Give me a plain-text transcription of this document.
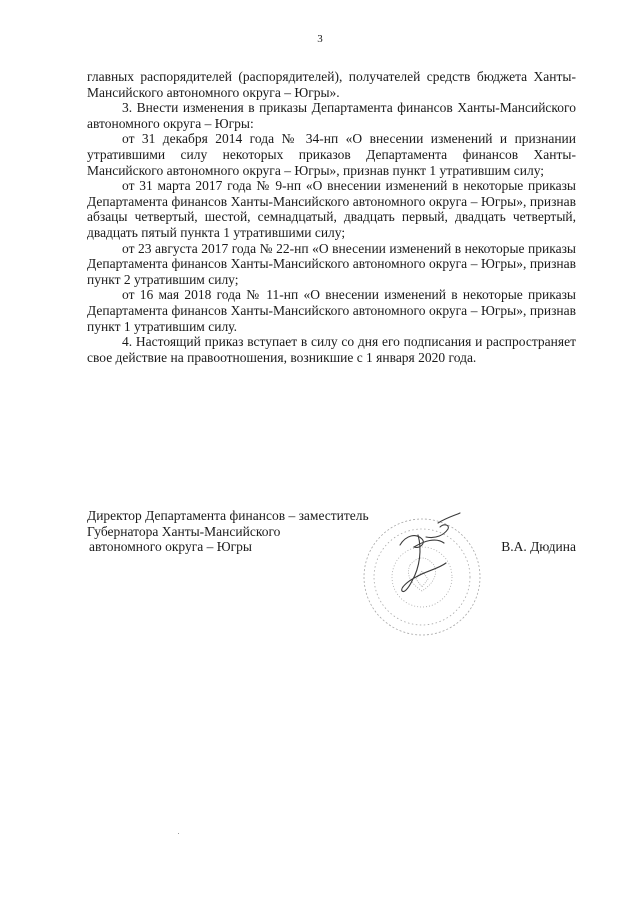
3

главных распорядителей (распорядителей), получателей средств бюджета Ханты-Мансийского автономного округа – Югры».

3. Внести изменения в приказы Департамента финансов Ханты-Мансийского автономного округа – Югры:

от 31 декабря 2014 года № 34-нп «О внесении изменений и признании утратившими силу некоторых приказов Департамента финансов Ханты-Мансийского автономного округа – Югры», признав пункт 1 утратившим силу;

от 31 марта 2017 года № 9-нп «О внесении изменений в некоторые приказы Департамента финансов Ханты-Мансийского автономного округа – Югры», признав абзацы четвертый, шестой, семнадцатый, двадцать первый, двадцать четвертый, двадцать пятый пункта 1 утратившими силу;

от 23 августа 2017 года № 22-нп «О внесении изменений в некоторые приказы Департамента финансов Ханты-Мансийского автономного округа – Югры», признав пункт 2 утратившим силу;

от 16 мая 2018 года № 11-нп «О внесении изменений в некоторые приказы Департамента финансов Ханты-Мансийского автономного округа – Югры», признав пункт 1 утратившим силу.

4. Настоящий приказ вступает в силу со дня его подписания и распространяет свое действие на правоотношения, возникшие с 1 января 2020 года.

Директор Департамента финансов – заместитель
Губернатора Ханты-Мансийского
автономного округа – Югры	В.А. Дюдина
